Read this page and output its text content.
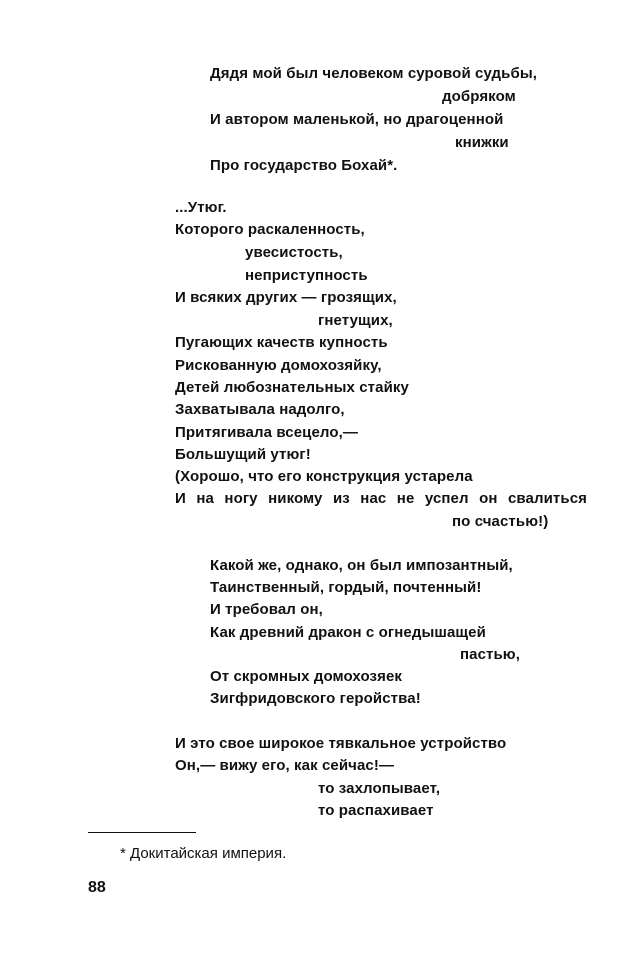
Дядя мой был человеком суровой судьбы,
добряком
И автором маленькой, но драгоценной
книжки
Про государство Бохай*.
...Утюг.
Которого раскаленность,
увесистость,
неприступность
И всяких других — грозящих,
гнетущих,
Пугающих качеств купность
Рискованную домохозяйку,
Детей любознательных стайку
Захватывала надолго,
Притягивала всецело,—
Большущий утюг!
(Хорошо, что его конструкция устарела
И на ногу никому из нас не успел он свалиться
по счастью!)
Какой же, однако, он был импозантный,
Таинственный, гордый, почтенный!
И требовал он,
Как древний дракон с огнедышащей
пастью,
От скромных домохозяек
Зигфридовского геройства!
И это свое широкое тявкальное устройство
Он,— вижу его, как сейчас!—
то захлопывает,
то распахивает
* Докитайская империя.
88
